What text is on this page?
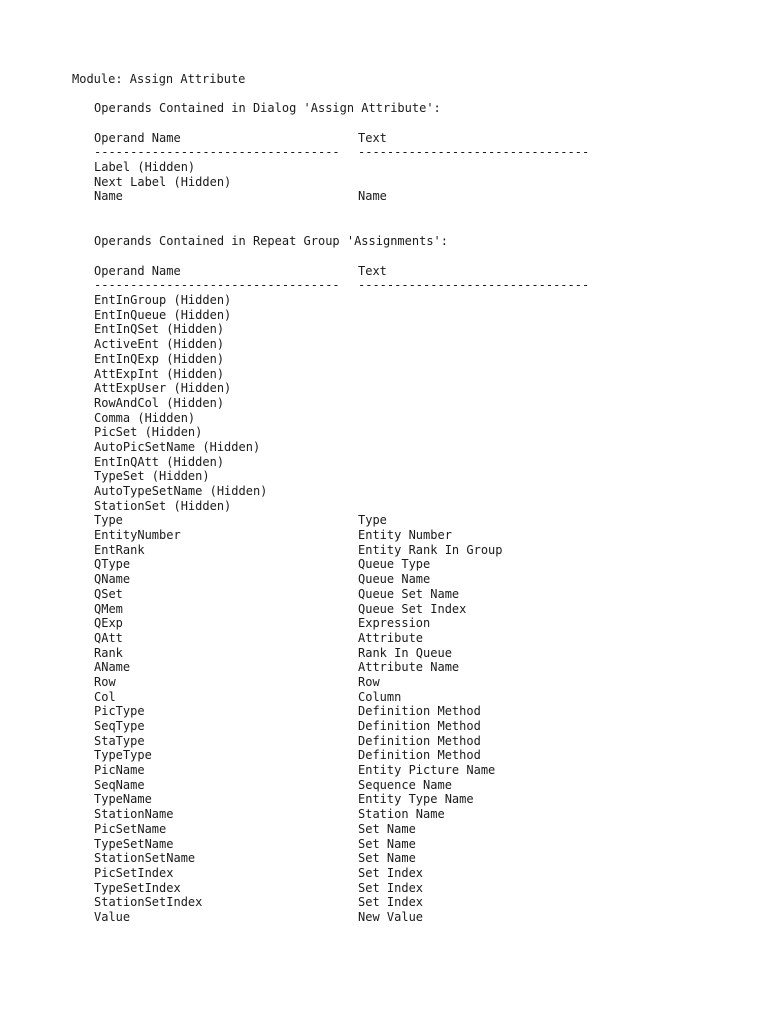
Module: Assign Attribute
Operands Contained in Dialog 'Assign Attribute':
Operand Name	Text
----------------------------------	--------------------------------
Label (Hidden)
Next Label (Hidden)
Name	Name
Operands Contained in Repeat Group 'Assignments':
Operand Name	Text
----------------------------------	--------------------------------
EntInGroup (Hidden)
EntInQueue (Hidden)
EntInQSet (Hidden)
ActiveEnt (Hidden)
EntInQExp (Hidden)
AttExpInt (Hidden)
AttExpUser (Hidden)
RowAndCol (Hidden)
Comma (Hidden)
PicSet (Hidden)
AutoPicSetName (Hidden)
EntInQAtt (Hidden)
TypeSet (Hidden)
AutoTypeSetName (Hidden)
StationSet (Hidden)
Type	Type
EntityNumber	Entity Number
EntRank	Entity Rank In Group
QType	Queue Type
QName	Queue Name
QSet	Queue Set Name
QMem	Queue Set Index
QExp	Expression
QAtt	Attribute
Rank	Rank In Queue
AName	Attribute Name
Row	Row
Col	Column
PicType	Definition Method
SeqType	Definition Method
StaType	Definition Method
TypeType	Definition Method
PicName	Entity Picture Name
SeqName	Sequence Name
TypeName	Entity Type Name
StationName	Station Name
PicSetName	Set Name
TypeSetName	Set Name
StationSetName	Set Name
PicSetIndex	Set Index
TypeSetIndex	Set Index
StationSetIndex	Set Index
Value	New Value
